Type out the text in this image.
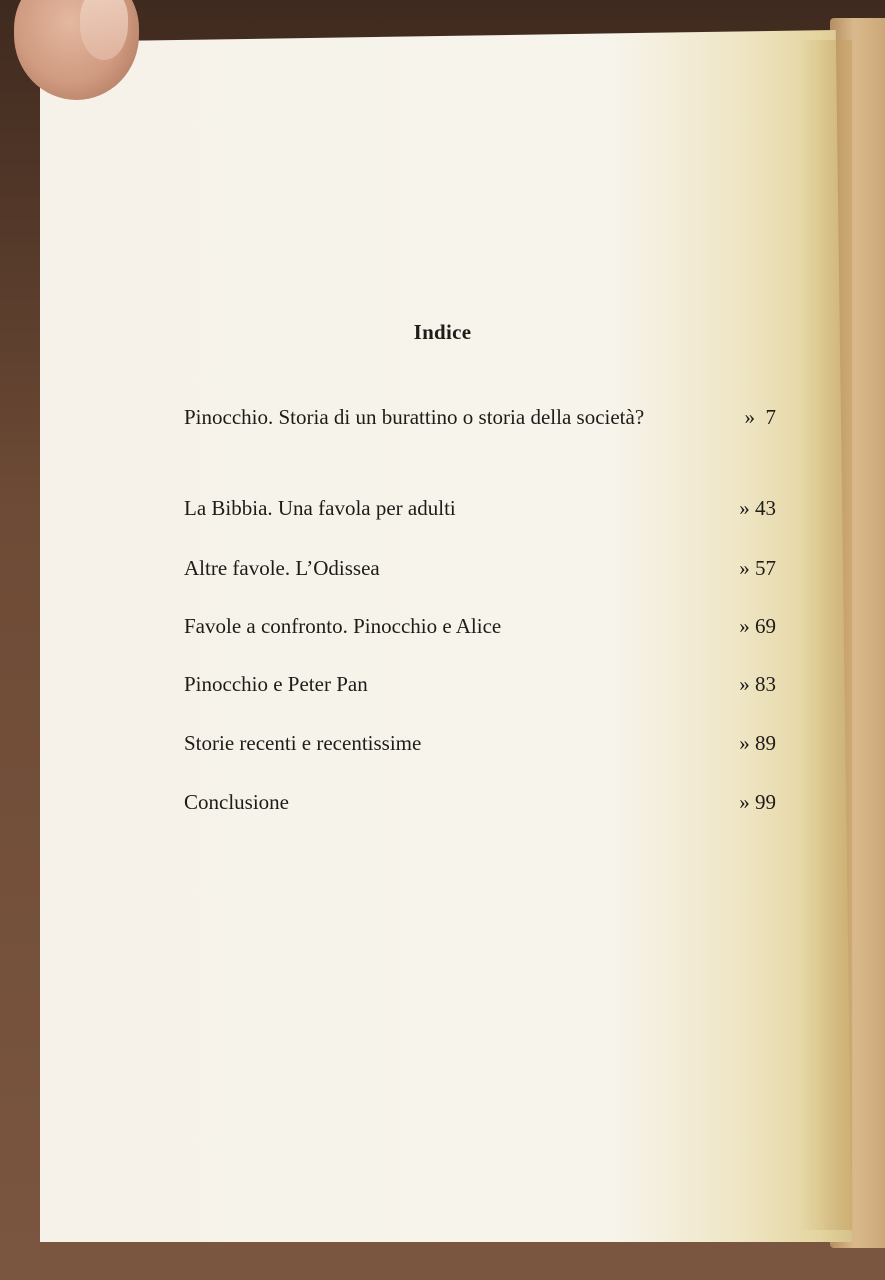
Indice
Pinocchio. Storia di un burattino o storia della società?	»  7
La Bibbia. Una favola per adulti	» 43
Altre favole. L’Odissea	» 57
Favole a confronto. Pinocchio e Alice	» 69
Pinocchio e Peter Pan	» 83
Storie recenti e recentissime	» 89
Conclusione	» 99
